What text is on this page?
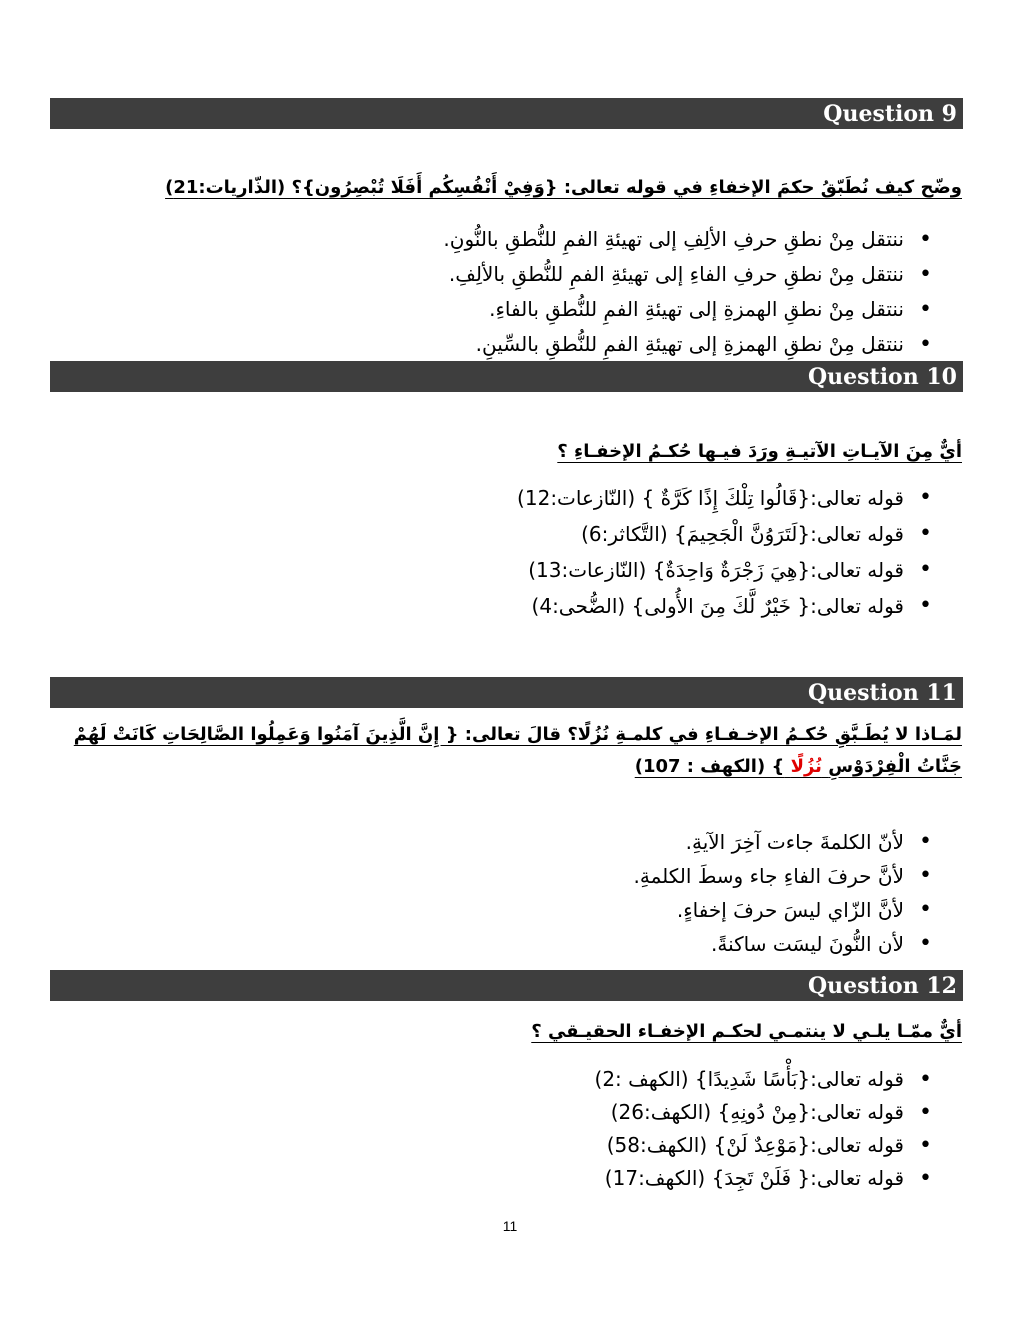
Question 9
وضّح كيف نُطَبّقُ حكمَ الإخفاءِ في قوله تعالى: {وَفِيْ أَنْفُسِكُم أَفَلَا تُبْصِرُون}؟ (الذّاريات:21)
• ننتقل مِنْ نطقِ حرفِ الألِفِ إلى تهيئةِ الفمِ للنُّطقِ بالنُّونِ.
• ننتقل مِنْ نطقِ حرفِ الفاءِ إلى تهيئةِ الفمِ للنُّطقِ بالألِفِ.
• ننتقل مِنْ نطقِ الهمزةِ إلى تهيئةِ الفمِ للنُّطقِ بالفاءِ.
• ننتقل مِنْ نطقِ الهمزةِ إلى تهيئةِ الفمِ للنُّطقِ بالسِّينِ.
Question 10
أيٌّ مِنَ الآيـاتِ الآتيـةِ ورَدَ فيـها حُكـمُ الإخفـاءِ ؟
• قوله تعالى:{قَالُوا تِلْكَ إِذًا كَرَّةٌ } (النّازعات:12)
• قوله تعالى:{لَتَرَوُنَّ الْجَحِيمَ} (التَّكاثر:6)
• قوله تعالى:{هِيَ زَجْرَةٌ وَاحِدَةٌ} (النّازعات:13)
• قوله تعالى:{ خَيْرٌ لَّكَ مِنَ الأُولى} (الضُّحى:4)
Question 11
لمَـاذا لا يُطَـبَّقِ حُكـمُ الإخـفـاءِ في كلمـةِ نُزُلًا؟ قالَ تعالى: { إِنَّ الَّذِينَ آمَنُوا وَعَمِلُوا الصَّالِحَاتِ كَانَتْ لَهُمْ جَنَّاتُ الْفِرْدَوْسِ نُزُلًا } (الكهف : 107)
• لأنّ الكلمةَ جاءت آخِرَ الآيةِ.
• لأنَّ حرفَ الفاءِ جاء وسطَ الكلمةِ.
• لأنَّ الزّاي ليسَ حرفَ إخفاءٍ.
• لأن النُّونَ ليسَت ساكنةً.
Question 12
أيٌّ ممّـا يلـي لا ينتمـي لحكـم الإخفـاء الحقيـقي ؟
• قوله تعالى:{بَأْسًا شَدِيدًا} (الكهف :2)
• قوله تعالى:{مِنْ دُونِهِ} (الكهف:26)
• قوله تعالى:{مَوْعِدٌ لَنْ} (الكهف:58)
• قوله تعالى:{ فَلَنْ تَجِدَ} (الكهف:17)
11
